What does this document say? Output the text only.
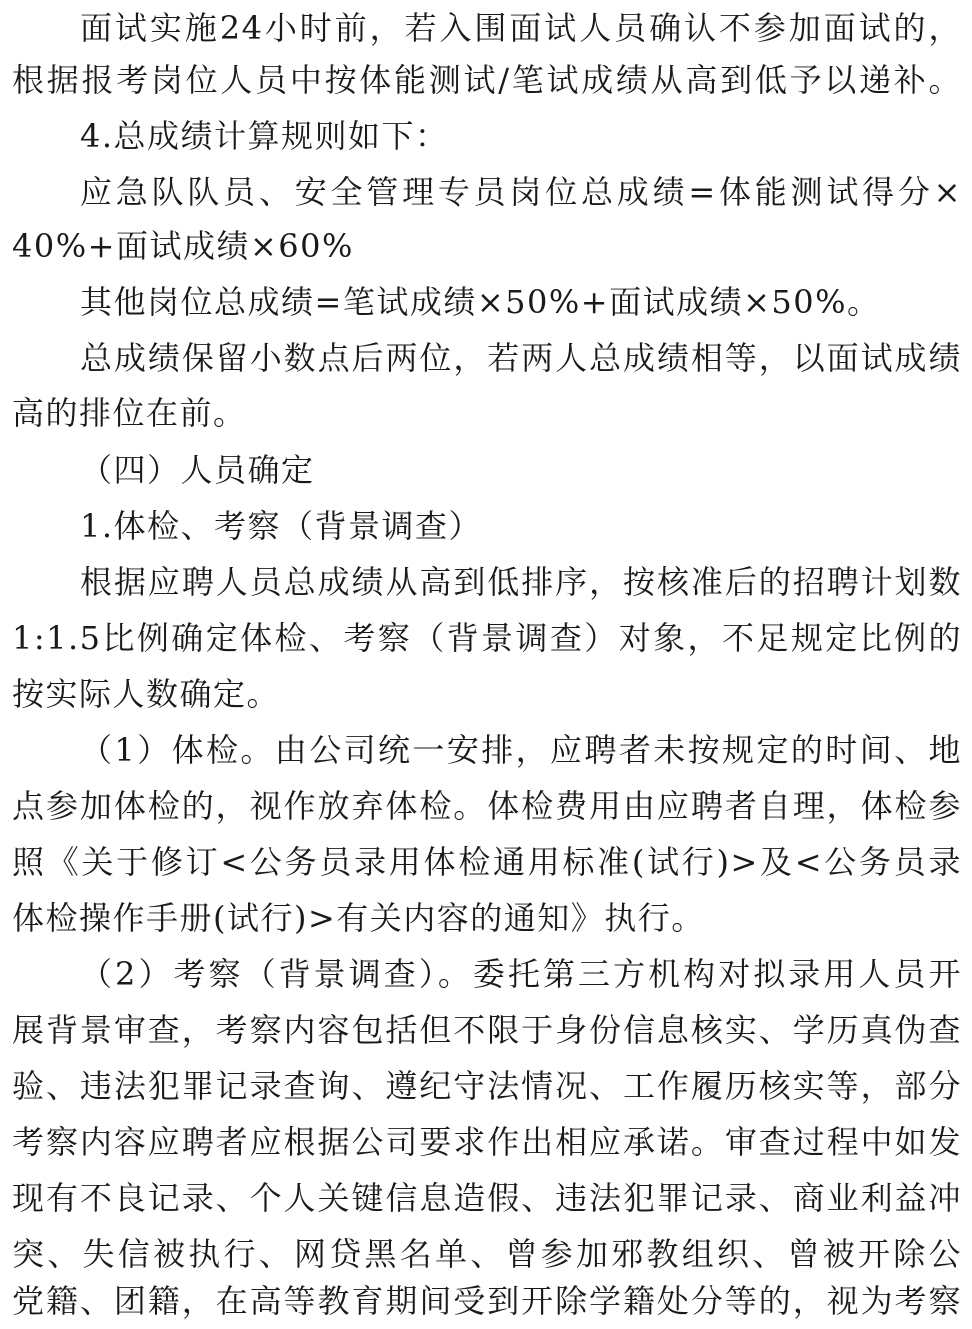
面试实施24小时前，若入围面试人员确认不参加面试的，
根据报考岗位人员中按体能测试/笔试成绩从高到低予以递补。
4.总成绩计算规则如下：
应急队队员、安全管理专员岗位总成绩=体能测试得分×
40%+面试成绩×60%
其他岗位总成绩=笔试成绩×50%+面试成绩×50%。
总成绩保留小数点后两位，若两人总成绩相等，以面试成绩
高的排位在前。
（四）人员确定
1.体检、考察（背景调查）
根据应聘人员总成绩从高到低排序，按核准后的招聘计划数
1:1.5比例确定体检、考察（背景调查）对象，不足规定比例的
按实际人数确定。
（1）体检。由公司统一安排，应聘者未按规定的时间、地
点参加体检的，视作放弃体检。体检费用由应聘者自理，体检参
照《关于修订<公务员录用体检通用标准(试行)>及<公务员录
体检操作手册(试行)>有关内容的通知》执行。
（2）考察（背景调查）。委托第三方机构对拟录用人员开
展背景审查，考察内容包括但不限于身份信息核实、学历真伪查
验、违法犯罪记录查询、遵纪守法情况、工作履历核实等，部分
考察内容应聘者应根据公司要求作出相应承诺。审查过程中如发
现有不良记录、个人关键信息造假、违法犯罪记录、商业利益冲
突、失信被执行、网贷黑名单、曾参加邪教组织、曾被开除公
党籍、团籍，在高等教育期间受到开除学籍处分等的，视为考察
